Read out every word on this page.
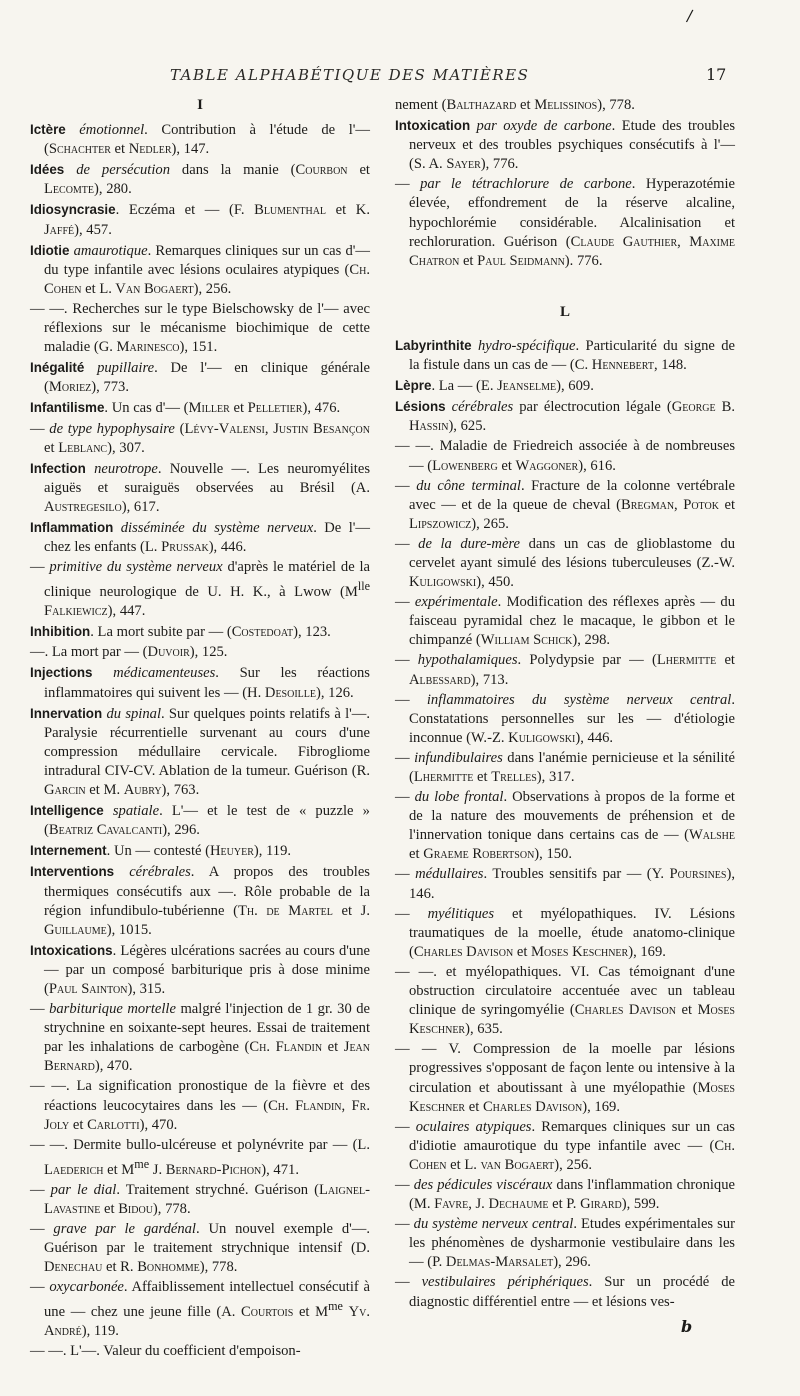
/
TABLE ALPHABÉTIQUE DES MATIÈRES	17
I

Ictère émotionnel. Contribution à l'étude de l'— (Schachter et Nedler), 147.

Idées de persécution dans la manie (Courbon et Lecomte), 280.

Idiosyncrasie. Eczéma et — (F. Blumenthal et K. Jaffé), 457.

Idiotie amaurotique. Remarques cliniques sur un cas d'— du type infantile avec lésions oculaires atypiques (Ch. Cohen et L. Van Bogaert), 256.

— —. Recherches sur le type Bielschowsky de l'— avec réflexions sur le mécanisme biochimique de cette maladie (G. Marinesco), 151.

Inégalité pupillaire. De l'— en clinique générale (Moriez), 773.

Infantilisme. Un cas d'— (Miller et Pelletier), 476.

— de type hypophysaire (Lévy-Valensi, Justin Besançon et Leblanc), 307.

Infection neurotrope. Nouvelle —. Les neuromyélites aiguës et suraiguës observées au Brésil (A. Austregesilo), 617.

Inflammation disséminée du système nerveux. De l'— chez les enfants (L. Prussak), 446.

— primitive du système nerveux d'après le matériel de la clinique neurologique de U. H. K., à Lwow ($M^{lle}$ Falkiewicz), 447.

Inhibition. La mort subite par — (Costedoat), 123.

—. La mort par — (Duvoir), 125.

Injections médicamenteuses. Sur les réactions inflammatoires qui suivent les — (H. Desoille), 126.

Innervation du spinal. Sur quelques points relatifs à l'—. Paralysie récurrentielle survenant au cours d'une compression médullaire cervicale. Fibrogliome intradural CIV-CV. Ablation de la tumeur. Guérison (R. Garcin et M. Aubry), 763.

Intelligence spatiale. L'— et le test de « puzzle » (Beatriz Cavalcanti), 296.

Internement. Un — contesté (Heuyer), 119.

Interventions cérébrales. A propos des troubles thermiques consécutifs aux —. Rôle probable de la région infundibulo-tubérienne (Th. de Martel et J. Guillaume), 1015.

Intoxications. Légères ulcérations sacrées au cours d'une — par un composé barbiturique pris à dose minime (Paul Sainton), 315.

— barbiturique mortelle malgré l'injection de 1 gr. 30 de strychnine en soixante-sept heures. Essai de traitement par les inhalations de carbogène (Ch. Flandin et Jean Bernard), 470.

— —. La signification pronostique de la fièvre et des réactions leucocytaires dans les — (Ch. Flandin, Fr. Joly et Carlotti), 470.

— —. Dermite bullo-ulcéreuse et polynévrite par — (L. Laederich et $M^{me}$ J. Bernard-Pichon), 471.

— par le dial. Traitement strychné. Guérison (Laignel-Lavastine et Bidou), 778.

— grave par le gardénal. Un nouvel exemple d'—. Guérison par le traitement strychnique intensif (D. Denechau et R. Bonhomme), 778.

— oxycarbonée. Affaiblissement intellectuel consécutif à une — chez une jeune fille (A. Courtois et $M^{me}$ Yv. André), 119.

— —. L'—. Valeur du coefficient d'empoison-

nement (Balthazard et Melissinos), 778.

Intoxication par oxyde de carbone. Etude des troubles nerveux et des troubles psychiques consécutifs à l'— (S. A. Sayer), 776.

— par le tétrachlorure de carbone. Hyperazotémie élevée, effondrement de la réserve alcaline, hypochlorémie considérable. Alcalinisation et rechloruration. Guérison (Claude Gauthier, Maxime Chatron et Paul Seidmann). 776.

L

Labyrinthite hydro-spécifique. Particularité du signe de la fistule dans un cas de — (C. Hennebert, 148.

Lèpre. La — (E. Jeanselme), 609.

Lésions cérébrales par électrocution légale (George B. Hassin), 625.

— —. Maladie de Friedreich associée à de nombreuses — (Lowenberg et Waggoner), 616.

— du cône terminal. Fracture de la colonne vertébrale avec — et de la queue de cheval (Bregman, Potok et Lipszowicz), 265.

— de la dure-mère dans un cas de glioblastome du cervelet ayant simulé des lésions tuberculeuses (Z.-W. Kuligowski), 450.

— expérimentale. Modification des réflexes après — du faisceau pyramidal chez le macaque, le gibbon et le chimpanzé (William Schick), 298.

— hypothalamiques. Polydypsie par — (Lhermitte et Albessard), 713.

— inflammatoires du système nerveux central. Constatations personnelles sur les — d'étiologie inconnue (W.-Z. Kuligowski), 446.

— infundibulaires dans l'anémie pernicieuse et la sénilité (Lhermitte et Trelles), 317.

— du lobe frontal. Observations à propos de la forme et de la nature des mouvements de préhension et de l'innervation tonique dans certains cas de — (Walshe et Graeme Robertson), 150.

— médullaires. Troubles sensitifs par — (Y. Poursines), 146.

— myélitiques et myélopathiques. IV. Lésions traumatiques de la moelle, étude anatomo-clinique (Charles Davison et Moses Keschner), 169.

— —. et myélopathiques. VI. Cas témoignant d'une obstruction circulatoire accentuée avec un tableau clinique de syringomyélie (Charles Davison et Moses Keschner), 635.

— — V. Compression de la moelle par lésions progressives s'opposant de façon lente ou intensive à la circulation et aboutissant à une myélopathie (Moses Keschner et Charles Davison), 169.

— oculaires atypiques. Remarques cliniques sur un cas d'idiotie amaurotique du type infantile avec — (Ch. Cohen et L. van Bogaert), 256.

— des pédicules viscéraux dans l'inflammation chronique (M. Favre, J. Dechaume et P. Girard), 599.

— du système nerveux central. Etudes expérimentales sur les phénomènes de dysharmonie vestibulaire dans les — (P. Delmas-Marsalet), 296.

— vestibulaires périphériques. Sur un procédé de diagnostic différentiel entre — et lésions ves-

b
